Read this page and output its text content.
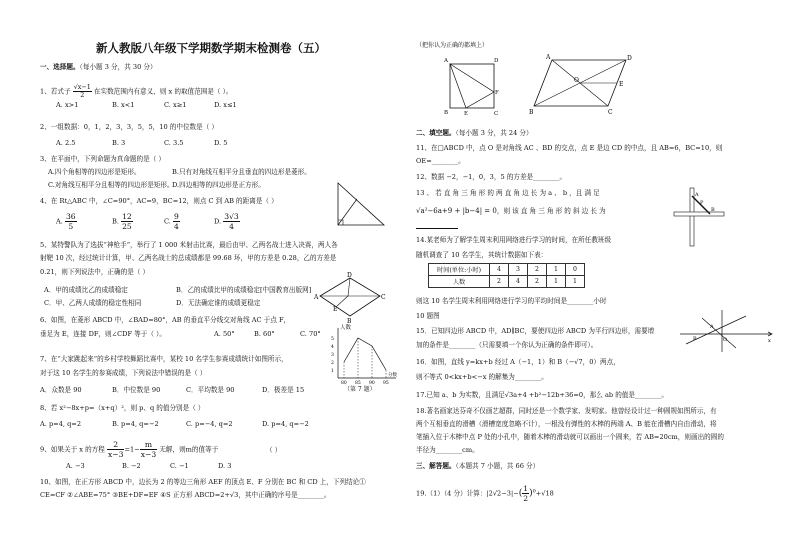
新人教版八年级下学期数学期末检测卷（五）
一、选择题。（每小题 3 分，共 30 分）
1、若式子 $\frac{√x-1}{2}$ 在实数范围内有意义，则 x 的取值范围是（ ）。
A. x>1	B. x<1	C. x≥1	D. x≤1
2、一组数据：0，1，2，3，3，5，5，10 的中位数是（ ）
A. 2.5	B. 3	C. 3.5	D. 5
3、在平面中，下列命题为真命题的是（ ）
A.四个角相等的四边形是矩形。	B.只有对角线互相平分且垂直的四边形是菱形。
C.对角线互相平分且相等的四边形是矩形。
D.四边相等的四边形是正方形。
4、在 Rt△ABC 中，∠C=90°，AC=9，BC=12，则点 C 到 AB 的距离是（ ）
A. $\frac{36}{5}$	B. $\frac{12}{25}$	C. $\frac{9}{4}$	D. $\frac{3√3}{4}$
5、某特警队为了选拔“神枪手”，举行了 1 000 米射击比赛，最后由甲、乙两名战士进入决赛，两人各
射靶 10 次，经过统计计算，甲、乙两名战士的总成绩都是 99.68 环，甲的方差是 0.28，乙的方差是
0.21，则下列说法中，正确的是（ ）
A．甲的成绩比乙的成绩稳定	B．乙的成绩比甲的成绩稳定[中国教育出版网]
C．甲、乙两人成绩的稳定性相同	D．无法确定谁的成绩更稳定
A
D
C
B
E
6、如图，在菱形 ABCD 中，∠BAD=80°，AB 的垂直平分线交对角线 AC 于点 F，
垂足为 E，连接 DF，则∠CDF 等于（ ）。	A. 50°	B. 60°	C. 70°
人数
5
4
3
2
1
80 85 90 95
分数
（第 7 题）
7、在“大家跳起来”的乡村学校舞蹈比赛中，某校 10 名学生参赛成绩统计如图所示，
对于这 10 名学生的参赛成绩，下列说法中错误的是（ ）
A．众数是 90	B．中位数是 90	C．平均数是 90	D．极差是 15
8、若 x²−8x+p=（x+q）²，则 p、q 的值分别是（ ）
A. p=4, q=2	B. p=4, q=−2	C. p=−4, q=2	D. p=4, q=−2
9、如果关于 x 的方程 $\frac{2}{x-3} =1- \frac{m}{x-3}$ 无解，则m的值等于	（ ）
A. −3	B. −2	C. −1	D. 3
10、如图，在正方形 ABCD 中，边长为 2 的等边三角形 AEF 的顶点 E、F 分别在 BC 和 CD 上，下列结论①
CE=CF ②∠ABE=75° ③BE+DF=EF ④S 正方形 ABCD=2+√3，其中正确的序号是________。
（把你认为正确的都填上）
A	D
F
B	E	C
A	D
E
O
B	C
二、填空题。（每小题 3 分，共 24 分）
11、在□ABCD 中，点 O 是对角线 AC 、BD 的交点，点 E 是边 CD 的中点，且 AB=6，BC=10，则
OE=________。
12、数据 −2，−1，0，3，5 的方差是________。
13 、 若 直 角 三 角 形 的 两 直 角 边 长 为 a 、 b ，且 满 足
√a²−6a+9 + |b−4| = 0，则 该 直 角 三 角 形 的 斜 边 长 为
A
P
B
14.某老师为了解学生周末利用网络进行学习的时间，在所任教班级
随机调查了 10 名学生，其统计数据如下表：
时间(单位:小时)	4	3	2	1	0
人数	2	4	2	1	1
则这 10 名学生周末利用网络进行学习的平均时间是________小时
10 题图
15．已知四边形 ABCD 中，AD∥BC，要使四边形 ABCD 为平行四边形，需要增
加的条件是________（只需要填一个你认为正确的条件即可）。
A
B	O	x
16．如图，直线 y=kx+b 经过 A（−1，1）和 B（−√7，0）两点，
则不等式 0<kx+b<−x 的解集为________。
17.已知 a、b 为实数，且满足√3a+4 +b²−12b+36=0，那么 ab 的值是________。
18.著名画家达芬奇不仅画艺超群，同时还是一个数学家、发明家。他曾经设计过一种圆规如图所示，有
两个互相垂直的滑槽（滑槽宽度忽略不计），一根没有弹性的木棒的两端 A、B 能在滑槽内自由滑动，将
笔插入位于木棒中点 P 处的小孔中，随着木棒的滑动就可以画出一个圆来，若 AB=20cm，则画出的圆的
半径为________cm。
三、解答题。（本题共 7 小题，共 66 分）
19.（1）（4 分）计算：$|2√2-3|-( \frac{1}{2} )^0+√18$
